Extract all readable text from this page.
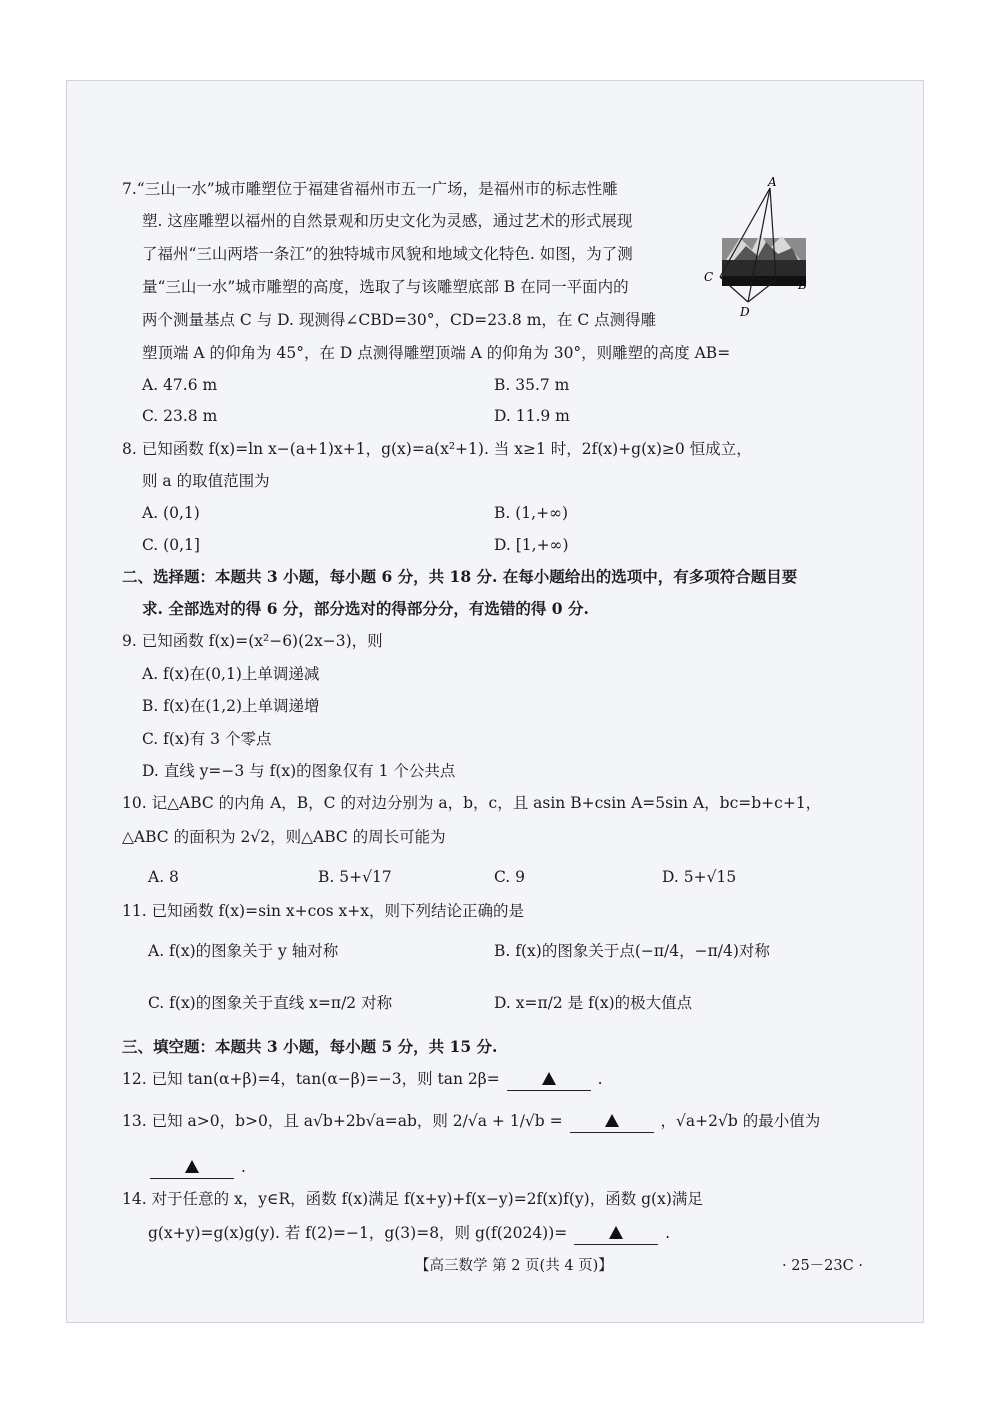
7.“三山一水”城市雕塑位于福建省福州市五一广场，是福州市的标志性雕
塑. 这座雕塑以福州的自然景观和历史文化为灵感，通过艺术的形式展现
了福州“三山两塔一条江”的独特城市风貌和地域文化特色. 如图，为了测
量“三山一水”城市雕塑的高度，选取了与该雕塑底部 B 在同一平面内的
两个测量基点 C 与 D. 现测得∠CBD=30°，CD=23.8 m，在 C 点测得雕
塑顶端 A 的仰角为 45°，在 D 点测得雕塑顶端 A 的仰角为 30°，则雕塑的高度 AB=
A. 47.6 m	B. 35.7 m
C. 23.8 m	D. 11.9 m
A
C
B
D
8. 已知函数 f(x)=ln x−(a+1)x+1，g(x)=a(x²+1). 当 x≥1 时，2f(x)+g(x)≥0 恒成立，
则 a 的取值范围为
A. (0,1)	B. (1,+∞)
C. (0,1]	D. [1,+∞)
二、选择题：本题共 3 小题，每小题 6 分，共 18 分. 在每小题给出的选项中，有多项符合题目要
求. 全部选对的得 6 分，部分选对的得部分分，有选错的得 0 分.
9. 已知函数 f(x)=(x²−6)(2x−3)，则
A. f(x)在(0,1)上单调递减
B. f(x)在(1,2)上单调递增
C. f(x)有 3 个零点
D. 直线 y=−3 与 f(x)的图象仅有 1 个公共点
10. 记△ABC 的内角 A，B，C 的对边分别为 a，b，c，且 asin B+csin A=5sin A，bc=b+c+1，
△ABC 的面积为 2√2，则△ABC 的周长可能为
A. 8	B. 5+√17	C. 9	D. 5+√15
11. 已知函数 f(x)=sin x+cos x+x，则下列结论正确的是
A. f(x)的图象关于 y 轴对称	B. f(x)的图象关于点(−π/4，−π/4)对称
C. f(x)的图象关于直线 x=π/2 对称	D. x=π/2 是 f(x)的极大值点
三、填空题：本题共 3 小题，每小题 5 分，共 15 分.
12. 已知 tan(α+β)=4，tan(α−β)=−3，则 tan 2β=	.
13. 已知 a>0，b>0，且 a√b+2b√a=ab，则 2/√a + 1/√b =	，√a+2√b 的最小值为
.
14. 对于任意的 x，y∈R，函数 f(x)满足 f(x+y)+f(x−y)=2f(x)f(y)，函数 g(x)满足
g(x+y)=g(x)g(y). 若 f(2)=−1，g(3)=8，则 g(f(2024))=	.
【高三数学 第 2 页(共 4 页)】	· 25－23C ·
